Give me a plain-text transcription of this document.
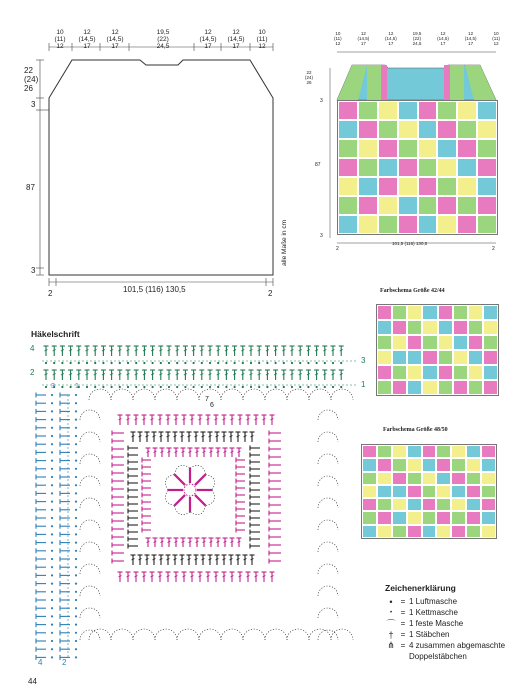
10
(11)
12
12
(14,5)
17
12
(14,5)
17
19,5
(22)
24,5
12
(14,5)
17
12
(14,5)
17
10
(11)
12
22
(24)
26
3
87
3
101,5 (116) 130,5
2	2
alle Maße in cm
10
(11)
12
12
(14,5)
17
12
(14,5)
17
19,5
(22)
24,5
12
(14,5)
17
12
(14,5)
17
10
(11)
12
22
(24)
26
3
87
3
101,5 (116) 130,5
2	2
Farbschema Größe 42/44
Farbschema Größe 48/50
Häkelschrift
4
2
3
1
4 2
3	1
7
6
Zeichenerklärung
•	= 1 Luftmasche
•	= 1 Kettmasche
⌒ = 1 feste Masche
† = 1 Stäbchen
⋔ = 4 zusammen abgemaschte
Doppelstäbchen
44
